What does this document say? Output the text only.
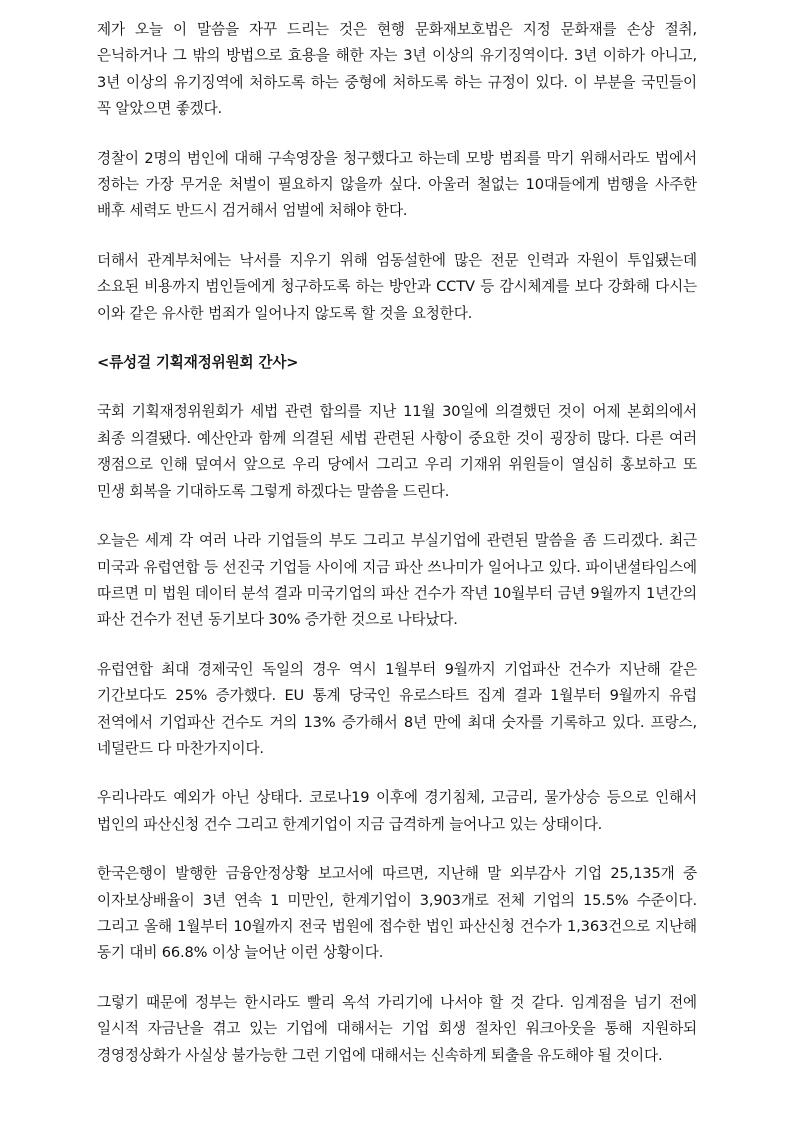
제가 오늘 이 말씀을 자꾸 드리는 것은 현행 문화재보호법은 지정 문화재를 손상 절취, 은닉하거나 그 밖의 방법으로 효용을 해한 자는 3년 이상의 유기징역이다. 3년 이하가 아니고, 3년 이상의 유기징역에 처하도록 하는 중형에 처하도록 하는 규정이 있다. 이 부분을 국민들이 꼭 알았으면 좋겠다.

경찰이 2명의 범인에 대해 구속영장을 청구했다고 하는데 모방 범죄를 막기 위해서라도 법에서 정하는 가장 무거운 처벌이 필요하지 않을까 싶다. 아울러 철없는 10대들에게 범행을 사주한 배후 세력도 반드시 검거해서 엄벌에 처해야 한다.

더해서 관계부처에는 낙서를 지우기 위해 엄동설한에 많은 전문 인력과 자원이 투입됐는데 소요된 비용까지 범인들에게 청구하도록 하는 방안과 CCTV 등 감시체계를 보다 강화해 다시는 이와 같은 유사한 범죄가 일어나지 않도록 할 것을 요청한다.

<류성걸 기획재정위원회 간사>

국회 기획재정위원회가 세법 관련 합의를 지난 11월 30일에 의결했던 것이 어제 본회의에서 최종 의결됐다. 예산안과 함께 의결된 세법 관련된 사항이 중요한 것이 굉장히 많다. 다른 여러 쟁점으로 인해 덮여서 앞으로 우리 당에서 그리고 우리 기재위 위원들이 열심히 홍보하고 또 민생 회복을 기대하도록 그렇게 하겠다는 말씀을 드린다.

오늘은 세계 각 여러 나라 기업들의 부도 그리고 부실기업에 관련된 말씀을 좀 드리겠다. 최근 미국과 유럽연합 등 선진국 기업들 사이에 지금 파산 쓰나미가 일어나고 있다. 파이낸셜타임스에 따르면 미 법원 데이터 분석 결과 미국기업의 파산 건수가 작년 10월부터 금년 9월까지 1년간의 파산 건수가 전년 동기보다 30% 증가한 것으로 나타났다.

유럽연합 최대 경제국인 독일의 경우 역시 1월부터 9월까지 기업파산 건수가 지난해 같은 기간보다도 25% 증가했다. EU 통계 당국인 유로스타트 집계 결과 1월부터 9월까지 유럽 전역에서 기업파산 건수도 거의 13% 증가해서 8년 만에 최대 숫자를 기록하고 있다. 프랑스, 네덜란드 다 마찬가지이다.

우리나라도 예외가 아닌 상태다. 코로나19 이후에 경기침체, 고금리, 물가상승 등으로 인해서 법인의 파산신청 건수 그리고 한계기업이 지금 급격하게 늘어나고 있는 상태이다.

한국은행이 발행한 금융안정상황 보고서에 따르면, 지난해 말 외부감사 기업 25,135개 중 이자보상배율이 3년 연속 1 미만인, 한계기업이 3,903개로 전체 기업의 15.5% 수준이다. 그리고 올해 1월부터 10월까지 전국 법원에 접수한 법인 파산신청 건수가 1,363건으로 지난해 동기 대비 66.8% 이상 늘어난 이런 상황이다.

그렇기 때문에 정부는 한시라도 빨리 옥석 가리기에 나서야 할 것 같다. 임계점을 넘기 전에 일시적 자금난을 겪고 있는 기업에 대해서는 기업 회생 절차인 워크아웃을 통해 지원하되 경영정상화가 사실상 불가능한 그런 기업에 대해서는 신속하게 퇴출을 유도해야 될 것이다.
